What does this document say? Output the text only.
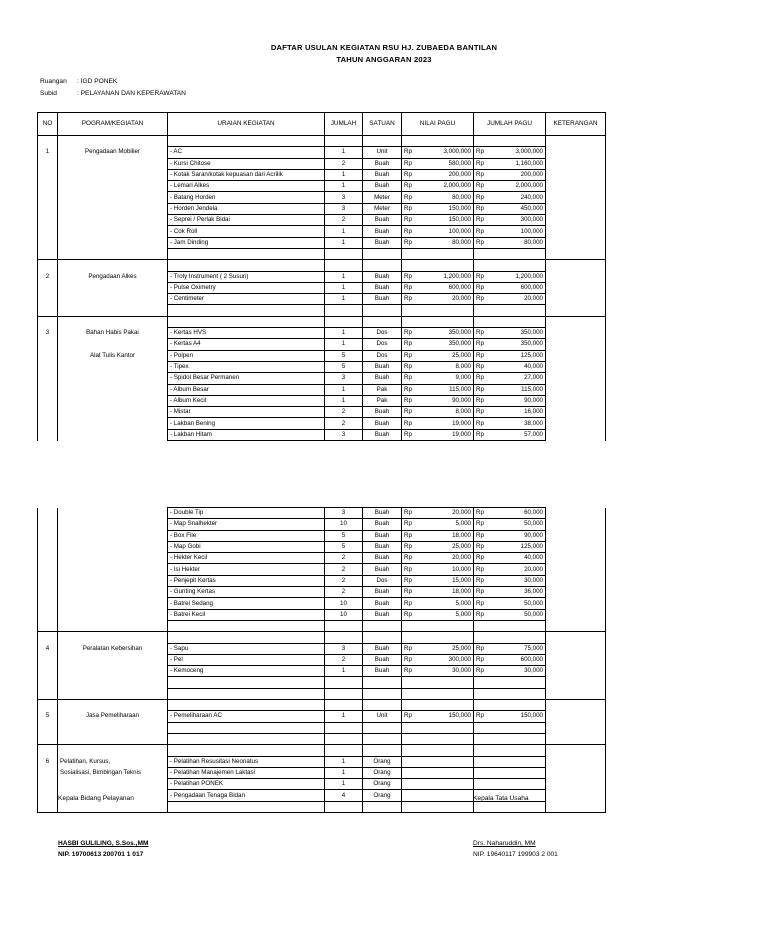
DAFTAR USULAN KEGIATAN RSU HJ. ZUBAEDA BANTILAN
TAHUN ANGGARAN 2023
Ruangan : IGD PONEK
Subid	: PELAYANAN DAN KEPERAWATAN
NO	POGRAM/KEGIATAN	URAIAN KEGIATAN	JUMLAH	SATUAN	NILAI PAGU	JUMLAH PAGU	KETERANGAN

1	Pengadaan Mobilier	- AC	1	Unit	Rp 3,000,000	Rp 3,000,000	

		- Kursi Chitose	2	Buah	Rp 580,000	Rp 1,160,000	

		- Kotak Saran/kotak kepuasan dari Acrilik	1	Buah	Rp 200,000	Rp 200,000	

		- Lemari Alkes	1	Buah	Rp 2,000,000	Rp 2,000,000	

		- Batang Horden	3	Meter	Rp 80,000	Rp 240,000	

		- Horden Jendela	3	Meter	Rp 150,000	Rp 450,000	

		- Seprei / Perlak Bidai	2	Buah	Rp 150,000	Rp 300,000	

		- Cok Roll	1	Buah	Rp 100,000	Rp 100,000	

		- Jam Dinding	1	Buah	Rp 80,000	Rp 80,000	

2	Pengadaan Alkes	- Troly Instrument ( 2 Susun)	1	Buah	Rp 1,200,000	Rp 1,200,000	

		- Pulse Oximetry	1	Buah	Rp 600,000	Rp 600,000	

		- Centimeter	1	Buah	Rp 20,000	Rp 20,000	

3	Bahan Habis Pakai	- Kertas HVS	1	Dos	Rp 350,000	Rp 350,000	

		- Kertas A4	1	Dos	Rp 350,000	Rp 350,000	

	Alat Tulis Kantor	- Polpen	5	Dos	Rp 25,000	Rp 125,000	

		- Tipex	5	Buah	Rp 8,000	Rp 40,000	

		- Spidol Besar Permanen	3	Buah	Rp 9,000	Rp 27,000	

		- Album Besar	1	Pak	Rp 115,000	Rp 115,000	

		- Album Kecil	1	Pak	Rp 90,000	Rp 90,000	

		- Mistar	2	Buah	Rp 8,000	Rp 16,000	

		- Lakban Bening	2	Buah	Rp 19,000	Rp 38,000	

		- Lakban Hitam	3	Buah	Rp 19,000	Rp 57,000	

		- Double Tip	3	Buah	Rp 20,000	Rp 60,000	

		- Map Snalhekter	10	Buah	Rp 5,000	Rp 50,000	

		- Box File	5	Buah	Rp 18,000	Rp 90,000	

		- Map Gobi	5	Buah	Rp 25,000	Rp 125,000	

		- Hekter Kecil	2	Buah	Rp 20,000	Rp 40,000	

		- Isi Hekter	2	Buah	Rp 10,000	Rp 20,000	

		- Penjepit Kertas	2	Dos	Rp 15,000	Rp 30,000	

		- Gunting Kertas	2	Buah	Rp 18,000	Rp 36,000	

		- Batrei Sedang	10	Buah	Rp 5,000	Rp 50,000	

		- Batrei Kecil	10	Buah	Rp 5,000	Rp 50,000	

4	Peralatan Kebersihan	- Sapu	3	Buah	Rp 25,000	Rp 75,000	

		- Pel	2	Buah	Rp 300,000	Rp 600,000	

		- Kemoceng	1	Buah	Rp 30,000	Rp 30,000	

5	Jasa Pemeliharaan	- Pemeliharaan AC	1	Unit	Rp 150,000	Rp 150,000	

6	Pelatihan, Kursus,	- Pelatihan Resusitasi Neonatus	1	Orang			
	Sosialisasi, Bimbingan Teknis	- Pelatihan Manajemen Laktasi	1	Orang			
		- Pelatihan PONEK	1	Orang			
		- Pengadaan Tenaga Bidan	4	Orang			

Kepala Bidang Pelayanan	Kepala Tata Usaha
HASBI GULILING, S.Sos.,MM
NIP. 19700613 200701 1 017
Drs. Naharuddin, MM
NIP. 19640117 199903 2 001
